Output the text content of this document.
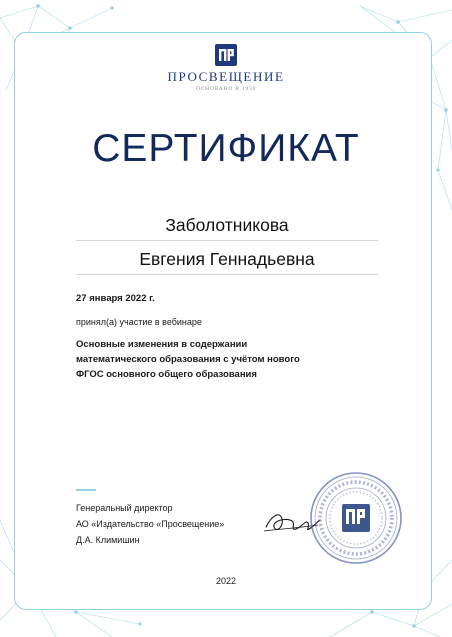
ПРОСВЕЩЕНИЕ
ОСНОВАНО В 1930
СЕРТИФИКАТ
Заболотникова
Евгения Геннадьевна
27 января 2022 г.
принял(а) участие в вебинаре
Основные изменения в содержании
математического образования с учётом нового
ФГОС основного общего образования
Генеральный директор
АО «Издательство «Просвещение»
Д.А. Климишин
2022
